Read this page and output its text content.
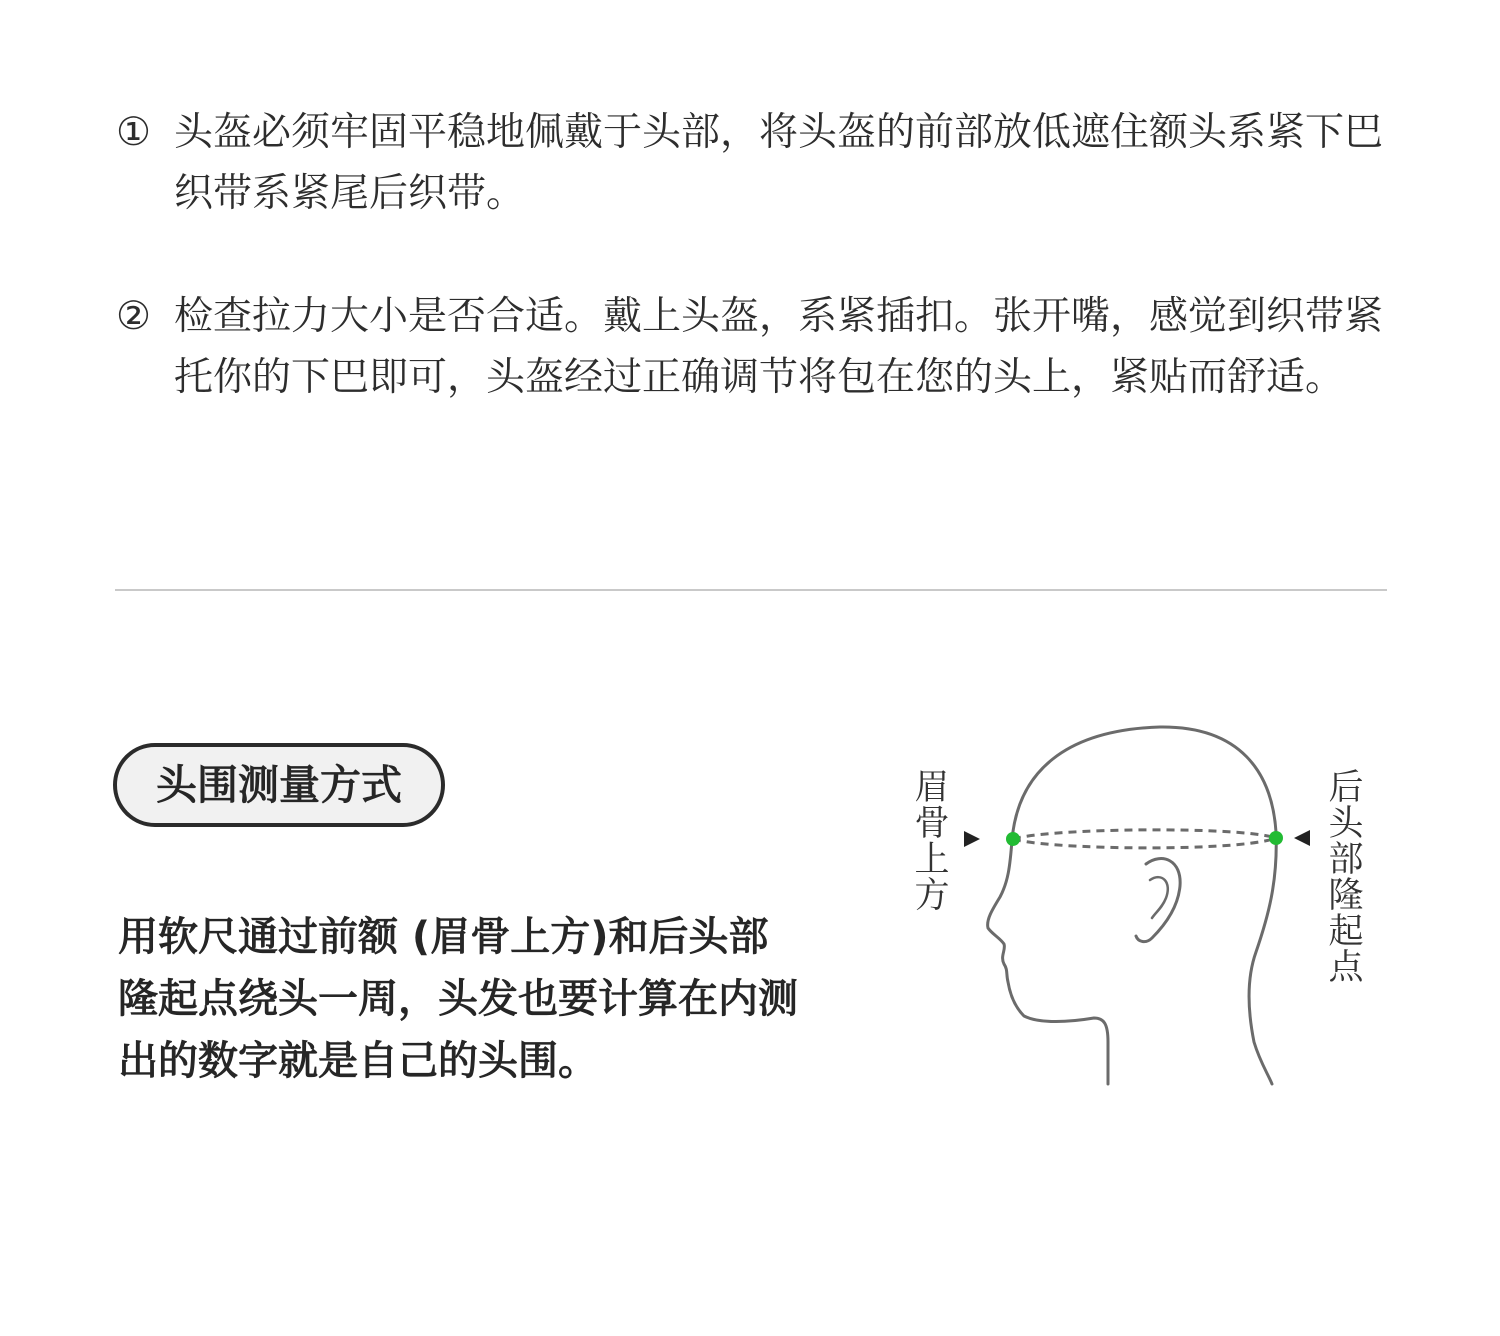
① 头盔必须牢固平稳地佩戴于头部，将头盔的前部放低遮住额头系紧下巴织带系紧尾后织带。
② 检查拉力大小是否合适。戴上头盔，系紧插扣。张开嘴，感觉到织带紧托你的下巴即可，头盔经过正确调节将包在您的头上，紧贴而舒适。
头围测量方式
用软尺通过前额 (眉骨上方)和后头部隆起点绕头一周，头发也要计算在内测出的数字就是自己的头围。
眉骨上方
后头部隆起点
